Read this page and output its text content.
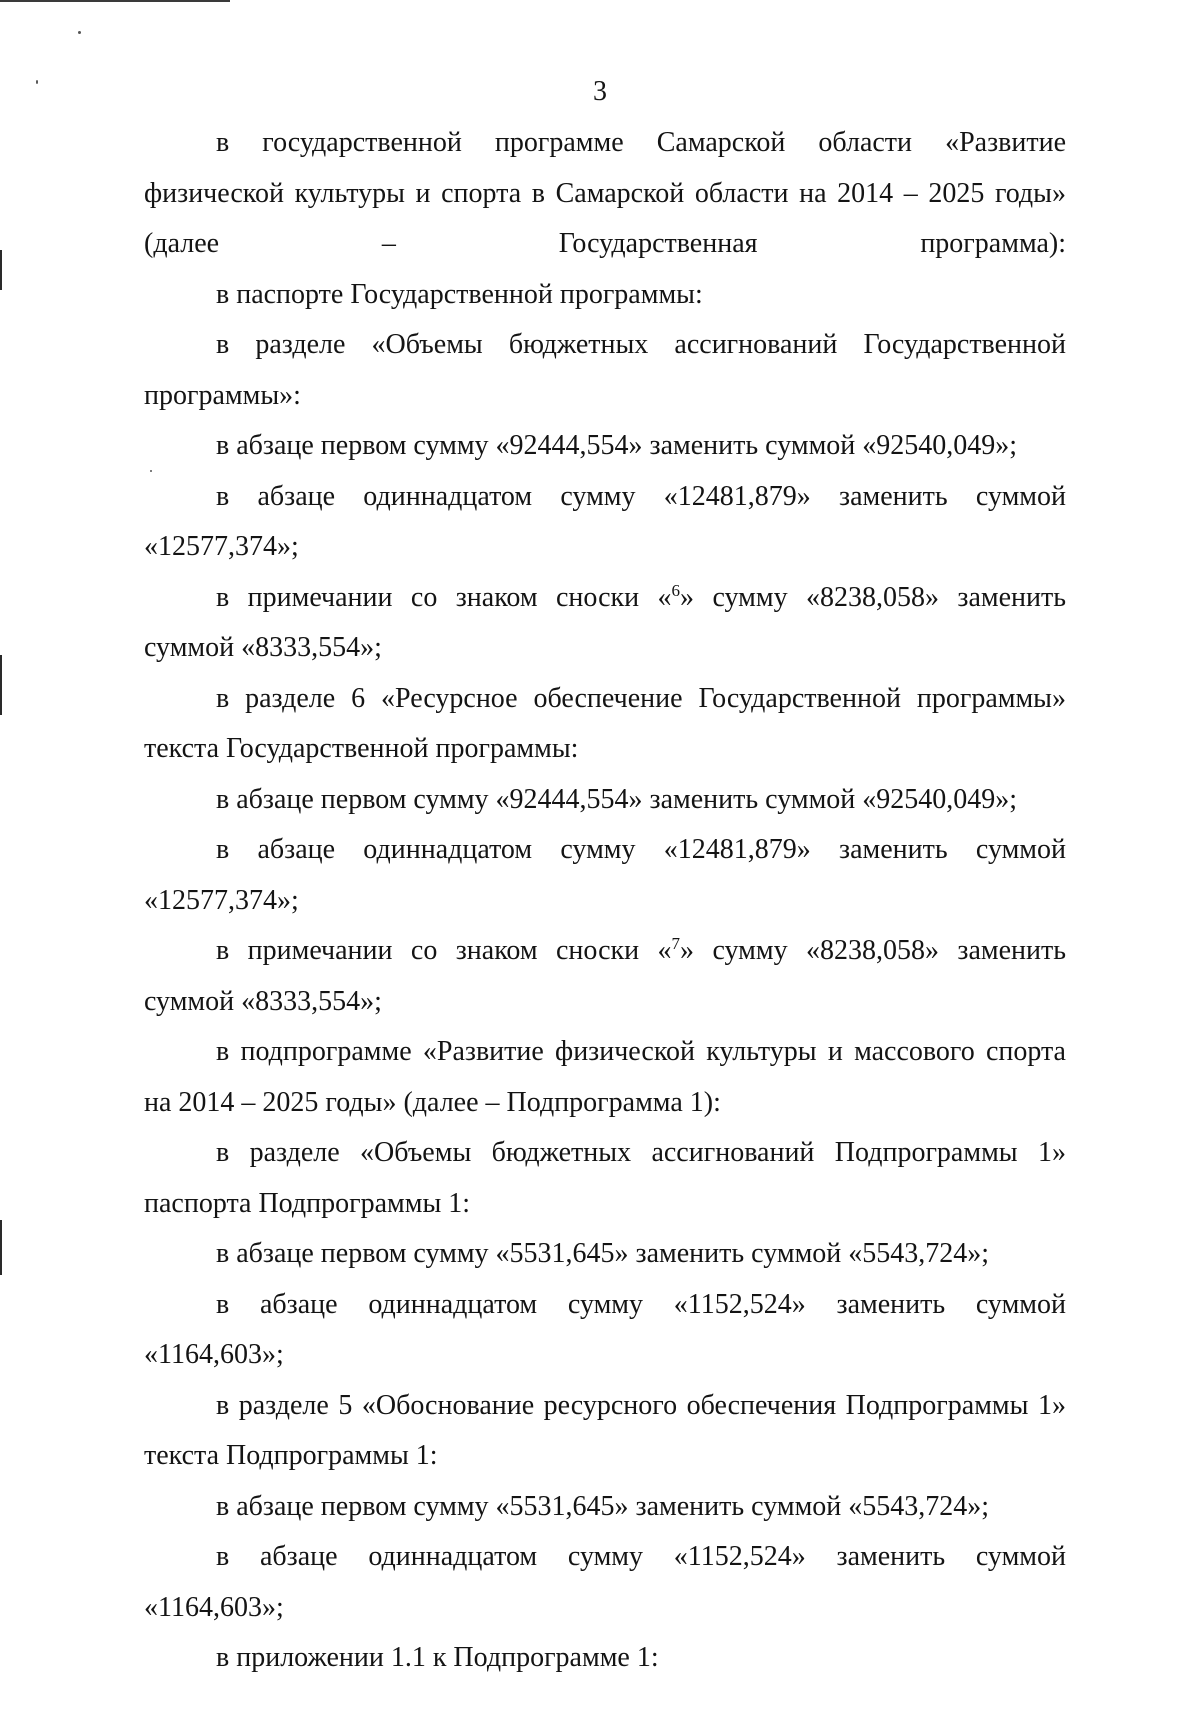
3

в государственной программе Самарской области «Развитие физической культуры и спорта в Самарской области на 2014 – 2025 годы» (далее – Государственная программа):

в паспорте Государственной программы:

в разделе «Объемы бюджетных ассигнований Государственной программы»:

в абзаце первом сумму «92444,554» заменить суммой «92540,049»;

в абзаце одиннадцатом сумму «12481,879» заменить суммой «12577,374»;

в примечании со знаком сноски «$^6$» сумму «8238,058» заменить суммой «8333,554»;

в разделе 6 «Ресурсное обеспечение Государственной программы» текста Государственной программы:

в абзаце первом сумму «92444,554» заменить суммой «92540,049»;

в абзаце одиннадцатом сумму «12481,879» заменить суммой «12577,374»;

в примечании со знаком сноски «$^7$» сумму «8238,058» заменить суммой «8333,554»;

в подпрограмме «Развитие физической культуры и массового спорта на 2014 – 2025 годы» (далее – Подпрограмма 1):

в разделе «Объемы бюджетных ассигнований Подпрограммы 1» паспорта Подпрограммы 1:

в абзаце первом сумму «5531,645» заменить суммой «5543,724»;

в абзаце одиннадцатом сумму «1152,524» заменить суммой «1164,603»;

в разделе 5 «Обоснование ресурсного обеспечения Подпрограммы 1» текста Подпрограммы 1:

в абзаце первом сумму «5531,645» заменить суммой «5543,724»;

в абзаце одиннадцатом сумму «1152,524» заменить суммой «1164,603»;

в приложении 1.1 к Подпрограмме 1:
